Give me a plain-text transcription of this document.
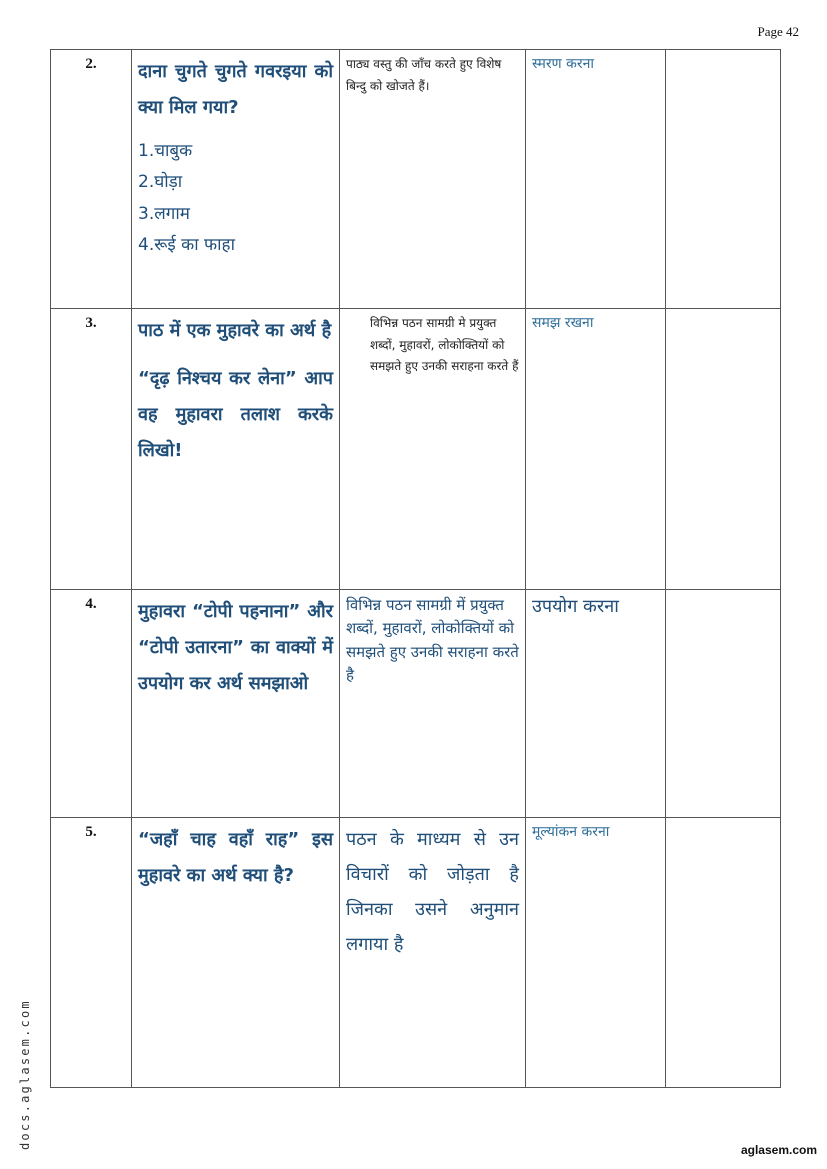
Page 42
2.	दाना चुगते चुगते गवरइया को क्या मिल गया?

1.चाबुक
2.घोड़ा
3.लगाम
4.रूई का फाहा	पाठ्य वस्तु की जाँच करते हुए विशेष बिन्दु को खोजते हैं।	स्मरण करना	
3.	पाठ में एक मुहावरे का अर्थ है

“दृढ़ निश्चय कर लेना” आप वह मुहावरा तलाश करके लिखो!	विभिन्न पठन सामग्री मे प्रयुक्त शब्दों, मुहावरों, लोकोक्तियों को समझते हुए उनकी सराहना करते हैं	समझ रखना	
4.	मुहावरा “टोपी पहनाना” और “टोपी उतारना” का वाक्यों में उपयोग कर अर्थ समझाओ	विभिन्न पठन सामग्री में प्रयुक्त शब्दों, मुहावरों, लोकोक्तियों को समझते हुए उनकी सराहना करते है	उपयोग करना	
5.	“जहाँ चाह वहाँ राह” इस मुहावरे का अर्थ क्या है?	पठन के माध्यम से उन विचारों को जोड़ता है जिनका उसने अनुमान लगाया है	मूल्यांकन करना	
docs.aglasem.com	aglasem.com
